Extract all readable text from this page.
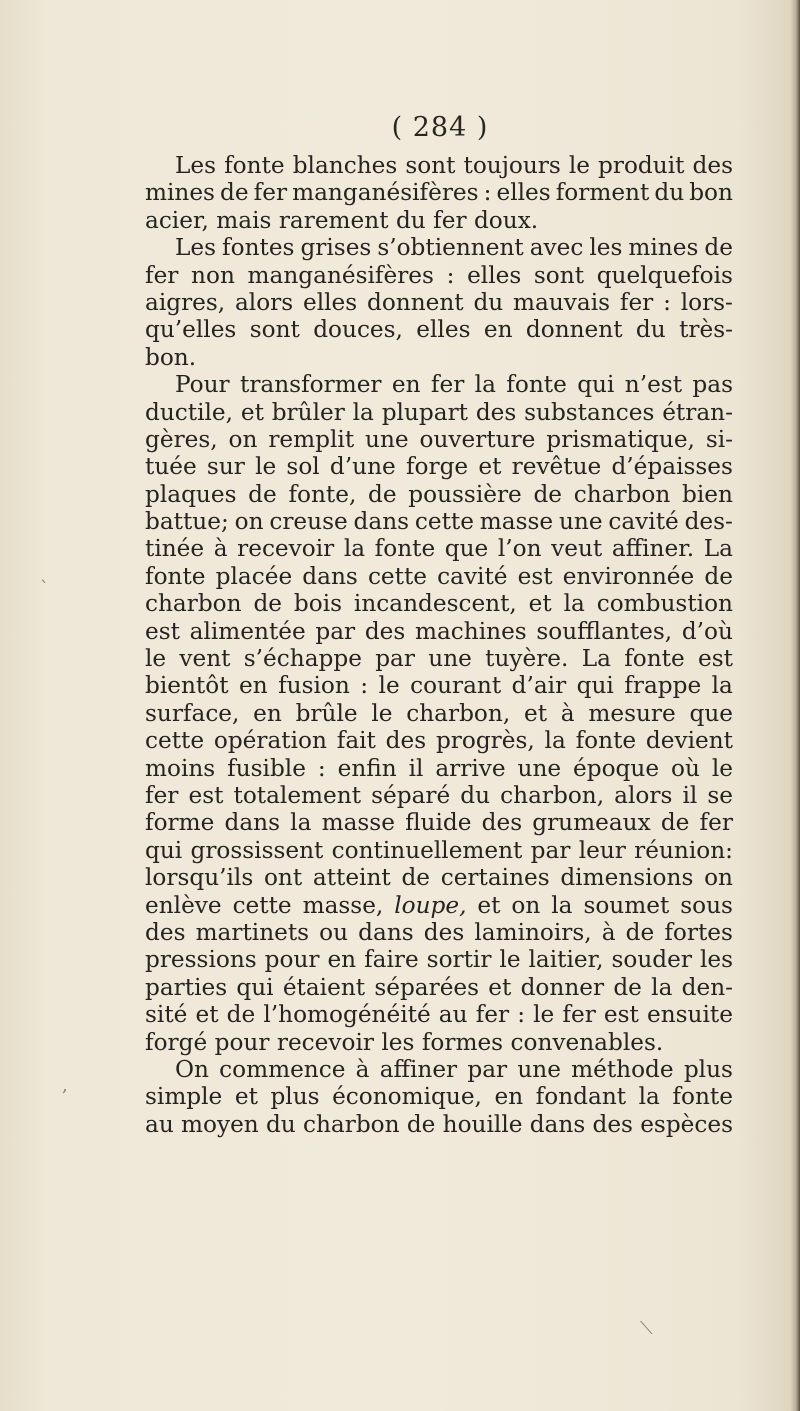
( 284 )
Les fonte blanches sont toujours le produit des
mines de fer manganésifères : elles forment du bon
acier, mais rarement du fer doux.
Les fontes grises s’obtiennent avec les mines de
fer non manganésifères : elles sont quelquefois
aigres, alors elles donnent du mauvais fer : lors-
qu’elles sont douces, elles en donnent du très-
bon.
Pour transformer en fer la fonte qui n’est pas
ductile, et brûler la plupart des substances étran-
gères, on remplit une ouverture prismatique, si-
tuée sur le sol d’une forge et revêtue d’épaisses
plaques de fonte, de poussière de charbon bien
battue; on creuse dans cette masse une cavité des-
tinée à recevoir la fonte que l’on veut affiner. La
fonte placée dans cette cavité est environnée de
charbon de bois incandescent, et la combustion
est alimentée par des machines soufflantes, d’où
le vent s’échappe par une tuyère. La fonte est
bientôt en fusion : le courant d’air qui frappe la
surface, en brûle le charbon, et à mesure que
cette opération fait des progrès, la fonte devient
moins fusible : enfin il arrive une époque où le
fer est totalement séparé du charbon, alors il se
forme dans la masse fluide des grumeaux de fer
qui grossissent continuellement par leur réunion:
lorsqu’ils ont atteint de certaines dimensions on
enlève cette masse, loupe, et on la soumet sous
des martinets ou dans des laminoirs, à de fortes
pressions pour en faire sortir le laitier, souder les
parties qui étaient séparées et donner de la den-
sité et de l’homogénéité au fer : le fer est ensuite
forgé pour recevoir les formes convenables.
On commence à affiner par une méthode plus
simple et plus économique, en fondant la fonte
au moyen du charbon de houille dans des espèces
`
,
⟍
